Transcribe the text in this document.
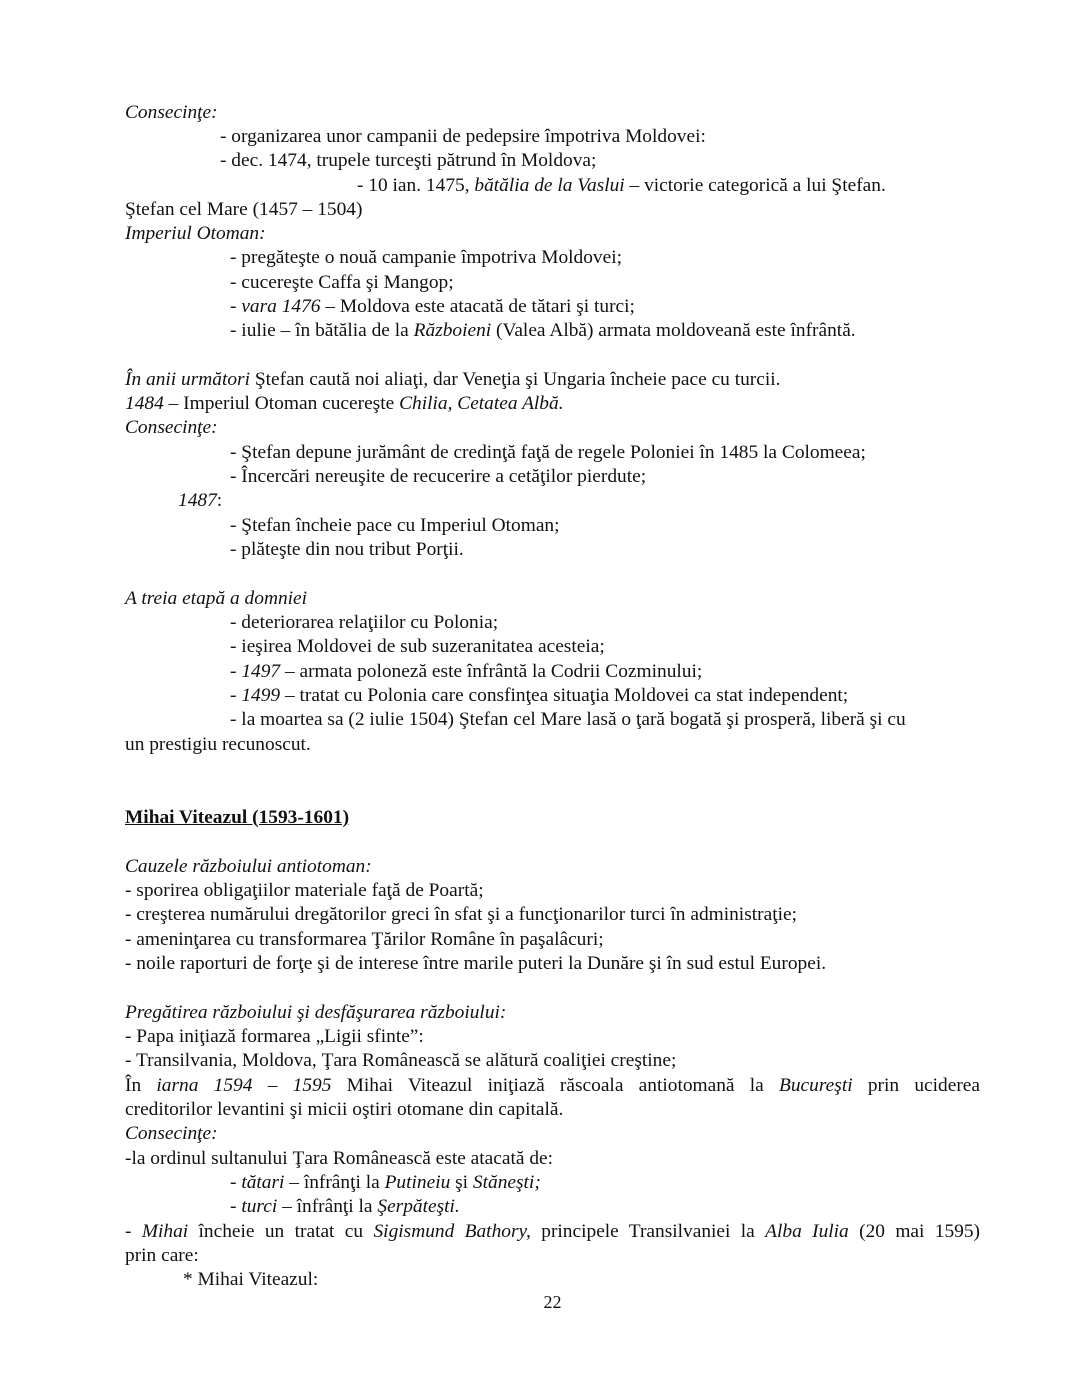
Consecinţe:
- organizarea unor campanii de pedepsire împotriva Moldovei:
- dec. 1474, trupele turceşti pătrund în Moldova;
- 10 ian. 1475, bătălia de la Vaslui – victorie categorică a lui Ştefan.
Ştefan cel Mare (1457 – 1504)
Imperiul Otoman:
- pregăteşte o nouă campanie împotriva Moldovei;
- cucereşte Caffa şi Mangop;
- vara 1476 – Moldova este atacată de tătari şi turci;
- iulie – în bătălia de la Războieni (Valea Albă) armata moldoveană este înfrântă.
În anii următori Ştefan caută noi aliaţi, dar Veneţia şi Ungaria încheie pace cu turcii.
1484 – Imperiul Otoman cucereşte Chilia, Cetatea Albă.
Consecinţe:
- Ştefan depune jurământ de credinţă faţă de regele Poloniei în 1485 la Colomeea;
- Încercări nereuşite de recucerire a cetăţilor pierdute;
1487:
- Ştefan încheie pace cu Imperiul Otoman;
- plăteşte din nou tribut Porţii.
A treia etapă a domniei
- deteriorarea relaţiilor cu Polonia;
- ieşirea Moldovei de sub suzeranitatea acesteia;
- 1497 – armata poloneză este înfrântă la Codrii Cozminului;
- 1499 – tratat cu Polonia care consfinţea situaţia Moldovei ca stat independent;
- la moartea sa (2 iulie 1504) Ştefan cel Mare lasă o ţară bogată şi prosperă, liberă şi cu
un prestigiu recunoscut.
Mihai Viteazul (1593-1601)
Cauzele războiului antiotoman:
- sporirea obligaţiilor materiale faţă de Poartă;
- creşterea numărului dregătorilor greci în sfat şi a funcţionarilor turci în administraţie;
- ameninţarea cu transformarea Ţărilor Române în paşalâcuri;
- noile raporturi de forţe şi de interese între marile puteri la Dunăre şi în sud estul Europei.
Pregătirea războiului şi desfăşurarea războiului:
- Papa iniţiază formarea „Ligii sfinte”:
- Transilvania, Moldova, Ţara Românească se alătură coaliţiei creştine;
În iarna 1594 – 1595 Mihai Viteazul iniţiază răscoala antiotomană la Bucureşti prin uciderea
creditorilor levantini şi micii oştiri otomane din capitală.
Consecinţe:
-la ordinul sultanului Ţara Românească este atacată de:
- tătari – înfrânţi la Putineiu şi Stăneşti;
- turci – înfrânţi la Şerpăteşti.
- Mihai încheie un tratat cu Sigismund Bathory, principele Transilvaniei la Alba Iulia (20 mai 1595)
prin care:
* Mihai Viteazul:
22
